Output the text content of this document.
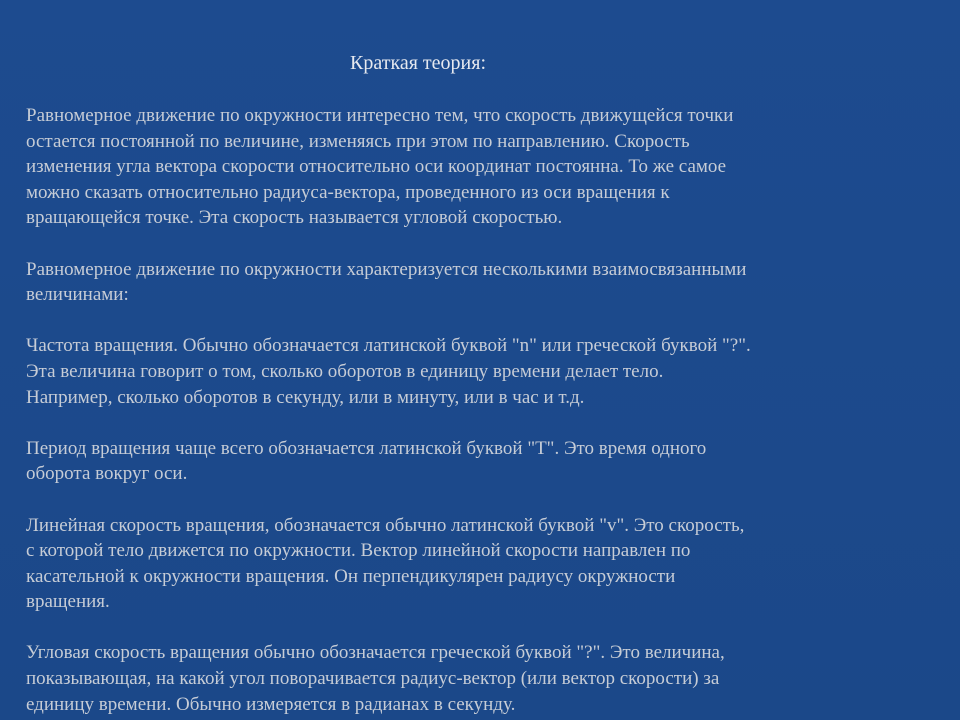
Краткая теория:
Равномерное движение по окружности интересно тем, что скорость движущейся точки
остается постоянной по величине, изменяясь при этом по направлению. Скорость
изменения угла вектора скорости относительно оси координат постоянна. То же самое
можно сказать относительно радиуса-вектора, проведенного из оси вращения к
вращающейся точке. Эта скорость называется угловой скоростью.
Равномерное движение по окружности характеризуется несколькими взаимосвязанными
величинами:
Частота вращения. Обычно обозначается латинской буквой "n" или греческой буквой "?".
Эта величина говорит о том, сколько оборотов в единицу времени делает тело.
Например, сколько оборотов в секунду, или в минуту, или в час и т.д.
Период вращения чаще всего обозначается латинской буквой "T". Это время одного
оборота вокруг оси.
Линейная скорость вращения, обозначается обычно латинской буквой "v". Это скорость,
с которой тело движется по окружности. Вектор линейной скорости направлен по
касательной к окружности вращения. Он перпендикулярен радиусу окружности
вращения.
Угловая скорость вращения обычно обозначается греческой буквой "?". Это величина,
показывающая, на какой угол поворачивается радиус-вектор (или вектор скорости) за
единицу времени. Обычно измеряется в радианах в секунду.
